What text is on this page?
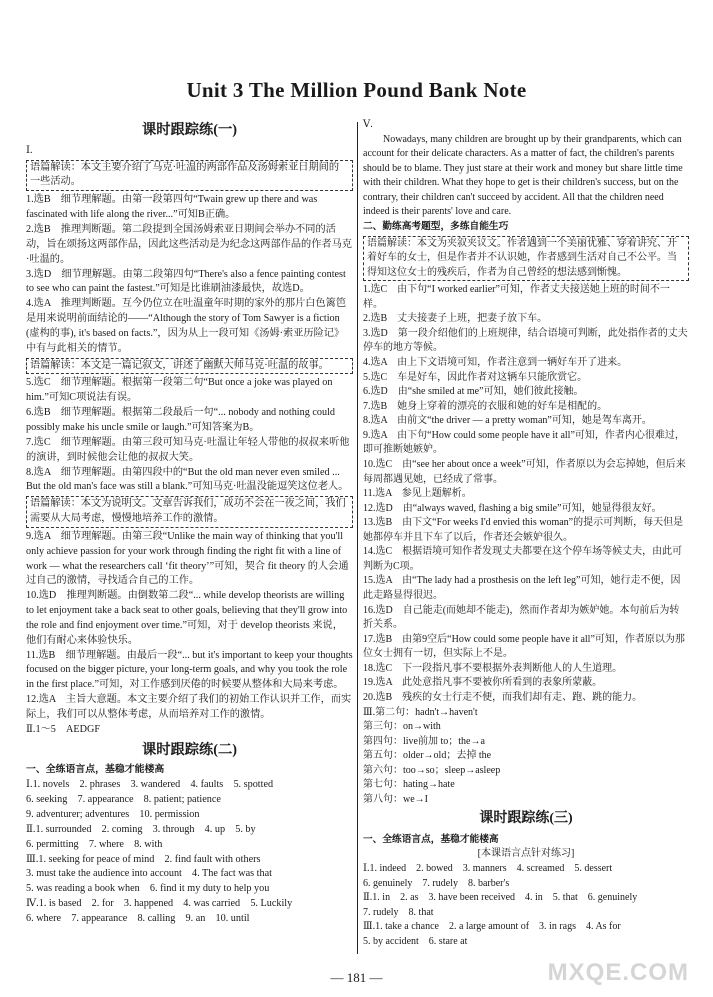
Unit 3 The Million Pound Bank Note
课时跟踪练(一)
Ⅰ.
语篇解读：本文主要介绍了马克·吐温的两部作品及汤姆索亚日期间的一些活动。
1.选B　细节理解题。由第一段第四句“Twain grew up there and was fascinated with life along the river...”可知B正确。
2.选B　推理判断题。第二段提到全国汤姆索亚日期间会举办不同的活动，旨在颂扬这两部作品，因此这些活动是为纪念这两部作品的作者马克·吐温的。
3.选D　细节理解题。由第二段第四句“There's also a fence painting contest to see who can paint the fastest.”可知是比谁刷油漆最快，故选D。
4.选A　推理判断题。互今仍位立在吐温童年时期的家外的那片白色篱笆是用来说明前面结论的——“Although the story of Tom Sawyer is a fiction (虚构的事), it's based on facts.”，因为从上一段可知《汤姆·索亚历险记》中有与此相关的情节。
语篇解读：本文是一篇记叙文，讲述了幽默大师马克·吐温的故事。
5.选C　细节理解题。根据第一段第二句“But once a joke was played on him.”可知C项说法有误。
6.选B　细节理解题。根据第二段最后一句“... nobody and nothing could possibly make his uncle smile or laugh.”可知答案为B。
7.选C　细节理解题。由第三段可知马克·吐温让年轻人带他的叔叔来听他的演讲，到时候他会让他的叔叔大笑。
8.选A　细节理解题。由第四段中的“But the old man never even smiled ... But the old man's face was still a blank.”可知马克·吐温没能逗笑这位老人。
语篇解读：本文为说明文。文章告诉我们，成功不会在一夜之间，我们需要从大局考虑，慢慢地培养工作的激情。
9.选A　细节理解题。由第三段“Unlike the main way of thinking that you'll only achieve passion for your work through finding the right fit with a line of work — what the researchers call ‘fit theory’”可知，契合 fit theory 的人会通过自己的激情，寻找适合自己的工作。
10.选D　推理判断题。由倒数第二段“... while develop theorists are willing to let enjoyment take a back seat to other goals, believing that they'll grow into the role and find enjoyment over time.”可知，对于 develop theorists 来说，他们有耐心来体验快乐。
11.选B　细节理解题。由最后一段“... but it's important to keep your thoughts focused on the bigger picture, your long-term goals, and why you took the role in the first place.”可知，对工作感到厌倦的时候要从整体和大局来考虑。
12.选A　主旨大意题。本文主要介绍了我们的初始工作认识并工作，而实际上，我们可以从整体考虑，从而培养对工作的激情。
Ⅱ.1～5　AEDGF
课时跟踪练(二)
一、全练语言点，基稳才能楼高
Ⅰ.1. novels　2. phrases　3. wandered　4. faults　5. spotted
6. seeking　7. appearance　8. patient; patience
9. adventurer; adventures　10. permission
Ⅱ.1. surrounded　2. coming　3. through　4. up　5. by
6. permitting　7. where　8. with
Ⅲ.1. seeking for peace of mind　2. find fault with others
3. must take the audience into account　4. The fact was that
5. was reading a book when　6. find it my duty to help you
Ⅳ.1. is based　2. for　3. happened　4. was carried　5. Luckily
6. where　7. appearance　8. calling　9. an　10. until
Ⅴ.
Nowadays, many children are brought up by their grandparents, which can account for their delicate characters. As a matter of fact, the children's parents should be to blame. They just stare at their work and money but share little time with their children. What they hope to get is their children's success, but on the contrary, their children can't succeed by accident. All that the children need indeed is their parents' love and care.
二、勤练高考题型，多练自能生巧
语篇解读：本文为夹叙夹议文。作者遇到一个美丽优雅、穿着讲究、开着好车的女士，但是作者并不认识她，作者感到生活对自己不公平。当得知这位女士的残疾后，作者为自己曾经的想法感到惭愧。
1.选C　由下句“I worked earlier”可知，作者丈夫接送她上班的时间不一样。
2.选B　丈夫接妻子上班，把妻子放下车。
3.选D　第一段介绍他们的上班规律，结合语境可判断，此处指作者的丈夫停车的地方等候。
4.选A　由上下文语境可知，作者注意到一辆好车开了进来。
5.选C　车是好车，因此作者对这辆车只能欣赏它。
6.选D　由“she smiled at me”可知，她们彼此接触。
7.选B　她身上穿着的漂亮的衣服和她的好车是相配的。
8.选A　由前文“the driver — a pretty woman”可知，她是驾车离开。
9.选A　由下句“How could some people have it all”可知，作者内心很难过，即可推断她嫉妒。
10.选C　由“see her about once a week”可知，作者原以为会忘掉她，但后来每周都遇见她，已经成了常事。
11.选A　参见上题解析。
12.选D　由“always waved, flashing a big smile”可知，她显得很友好。
13.选B　由下文“For weeks I'd envied this woman”的提示可判断，每天但是她都停车并且下车了以后，作者还会嫉妒很久。
14.选C　根据语境可知作者发现丈夫都要在这个停车场等候丈夫，由此可判断为C项。
15.选A　由“The lady had a prosthesis on the left leg”可知，她行走不便，因此走路显得很迟。
16.选D　自己能走(而她却不能走)，然而作者却为嫉妒她。本句前后为转折关系。
17.选B　由第9空后“How could some people have it all”可知，作者原以为那位女士拥有一切，但实际上不是。
18.选C　下一段指凡事不要根据外表判断他人的人生道理。
19.选A　此处意指凡事不要被你所看到的表象所蒙蔽。
20.选B　残疾的女士行走不便，而我们却有走、跑、跳的能力。
Ⅲ.第二句：hadn't→haven't
第三句：on→with
第四句：live前加 to；the→a
第五句：older→old；去掉 the
第六句：too→so；sleep→asleep
第七句：hating→hate
第八句：we→I
课时跟踪练(三)
一、全练语言点，基稳才能楼高
[本课语言点针对练习]
Ⅰ.1. indeed　2. bowed　3. manners　4. screamed　5. dessert
6. genuinely　7. rudely　8. barber's
Ⅱ.1. in　2. as　3. have been received　4. in　5. that　6. genuinely
7. rudely　8. that
Ⅲ.1. take a chance　2. a large amount of　3. in rags　4. As for
5. by accident　6. stare at
— 181 —	MXQE.COM
